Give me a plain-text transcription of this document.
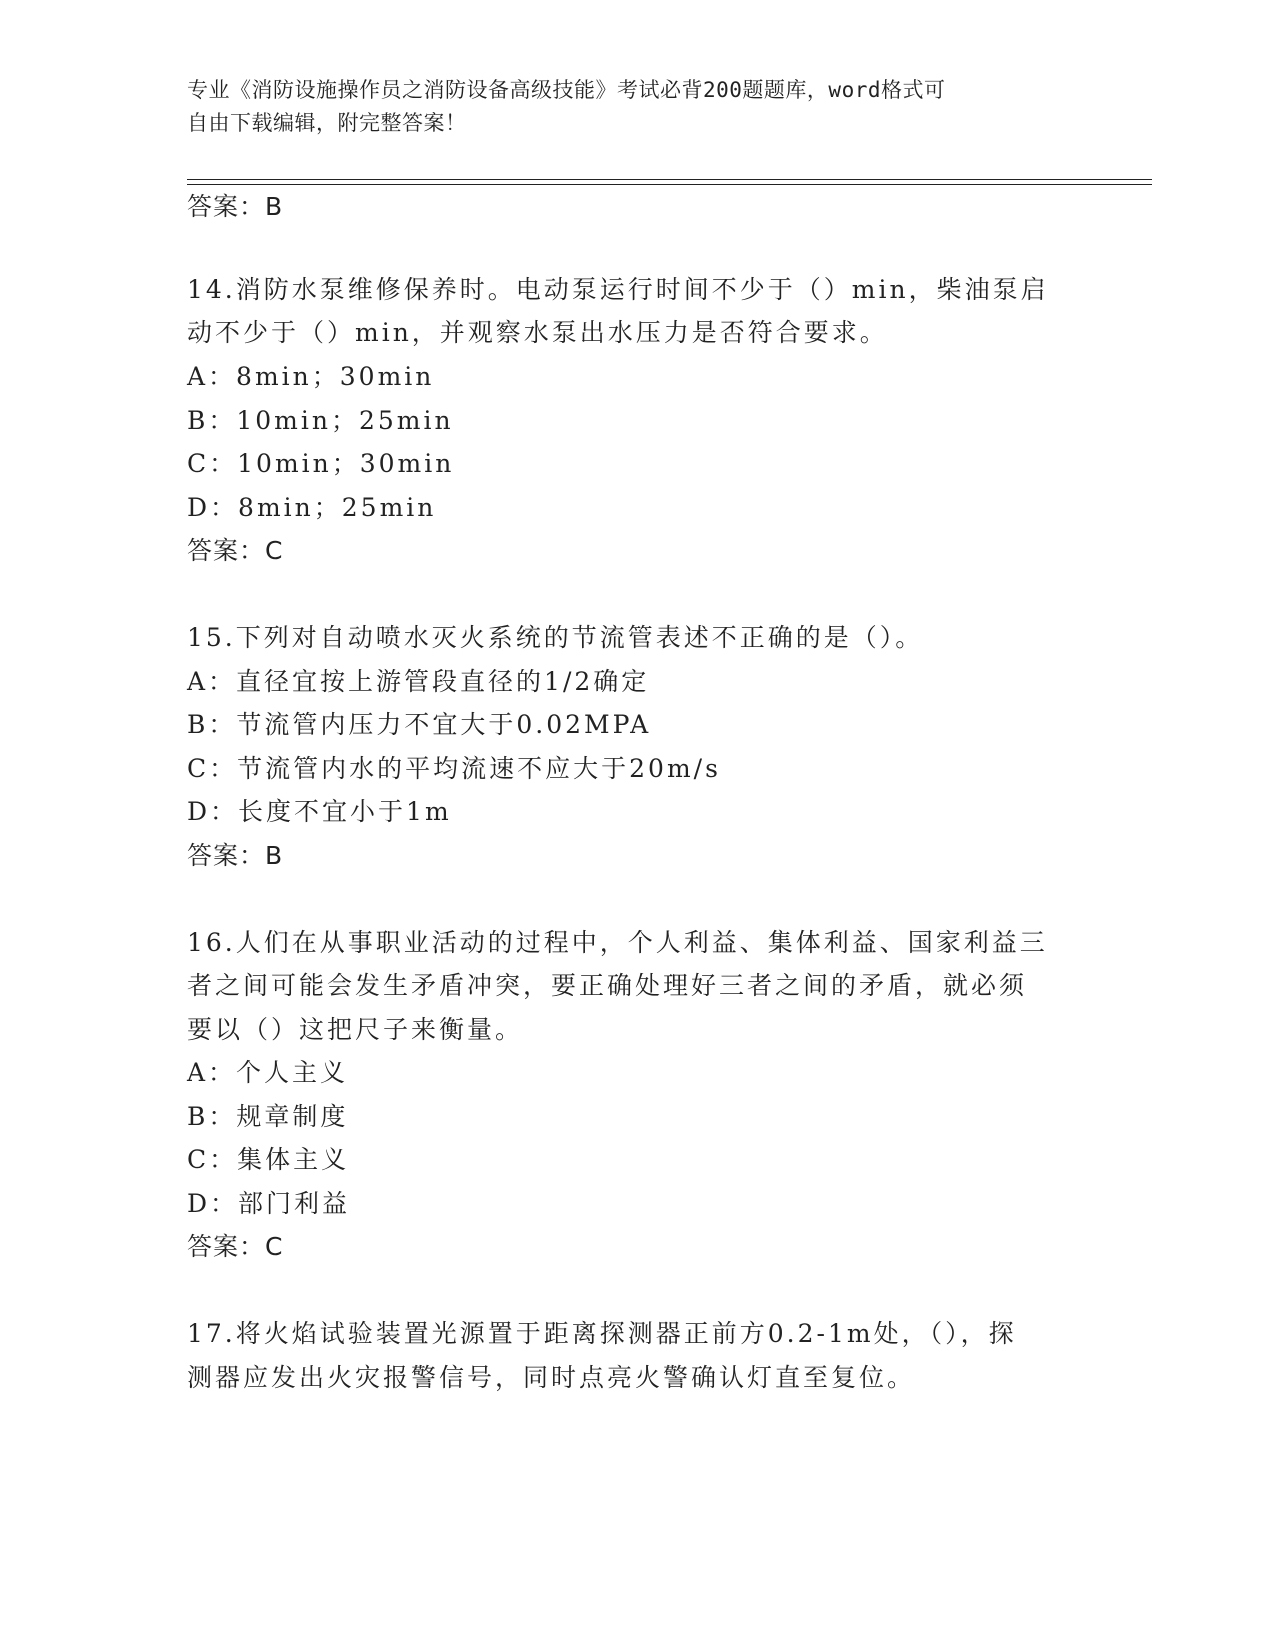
专业《消防设施操作员之消防设备高级技能》考试必背200题题库，word格式可
自由下载编辑，附完整答案！
答案：B
14.消防水泵维修保养时。电动泵运行时间不少于（）min，柴油泵启
动不少于（）min，并观察水泵出水压力是否符合要求。
A：8min；30min
B：10min；25min
C：10min；30min
D：8min；25min
答案：C
15.下列对自动喷水灭火系统的节流管表述不正确的是（）。
A：直径宜按上游管段直径的1/2确定
B：节流管内压力不宜大于0.02MPA
C：节流管内水的平均流速不应大于20m/s
D：长度不宜小于1m
答案：B
16.人们在从事职业活动的过程中，个人利益、集体利益、国家利益三
者之间可能会发生矛盾冲突，要正确处理好三者之间的矛盾，就必须
要以（）这把尺子来衡量。
A：个人主义
B：规章制度
C：集体主义
D：部门利益
答案：C
17.将火焰试验装置光源置于距离探测器正前方0.2-1m处，（），探
测器应发出火灾报警信号，同时点亮火警确认灯直至复位。
